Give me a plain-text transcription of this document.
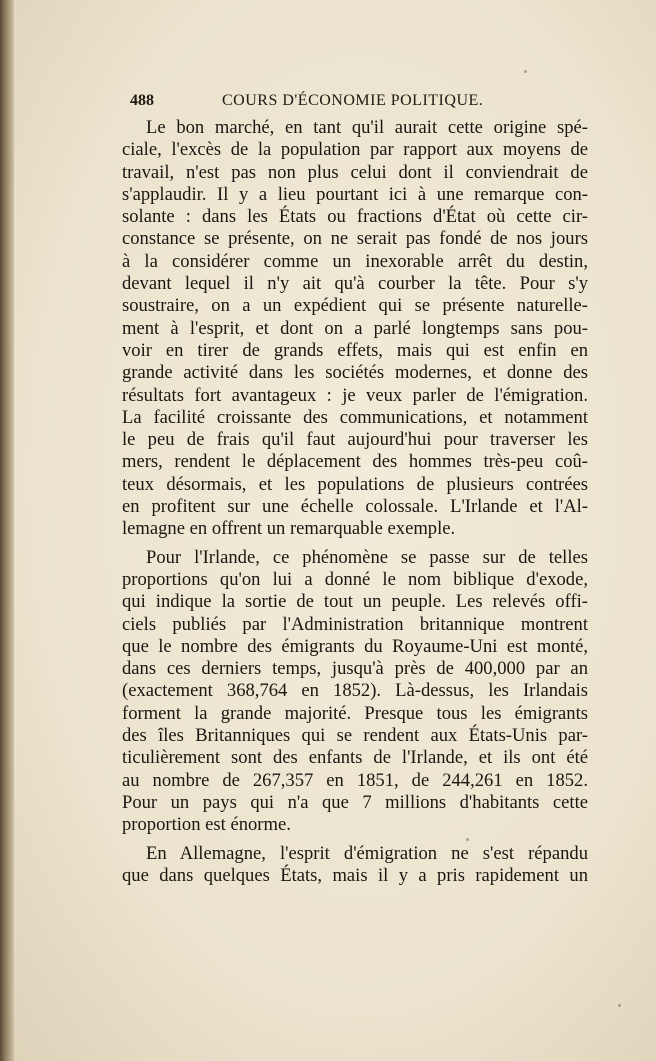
488	COURS D'ÉCONOMIE POLITIQUE.
Le bon marché, en tant qu'il aurait cette origine spé-
ciale, l'excès de la population par rapport aux moyens de
travail, n'est pas non plus celui dont il conviendrait de
s'applaudir. Il y a lieu pourtant ici à une remarque con-
solante : dans les États ou fractions d'État où cette cir-
constance se présente, on ne serait pas fondé de nos jours
à la considérer comme un inexorable arrêt du destin,
devant lequel il n'y ait qu'à courber la tête. Pour s'y
soustraire, on a un expédient qui se présente naturelle-
ment à l'esprit, et dont on a parlé longtemps sans pou-
voir en tirer de grands effets, mais qui est enfin en
grande activité dans les sociétés modernes, et donne des
résultats fort avantageux : je veux parler de l'émigration.
La facilité croissante des communications, et notamment
le peu de frais qu'il faut aujourd'hui pour traverser les
mers, rendent le déplacement des hommes très-peu coû-
teux désormais, et les populations de plusieurs contrées
en profitent sur une échelle colossale. L'Irlande et l'Al-
lemagne en offrent un remarquable exemple.
Pour l'Irlande, ce phénomène se passe sur de telles
proportions qu'on lui a donné le nom biblique d'exode,
qui indique la sortie de tout un peuple. Les relevés offi-
ciels publiés par l'Administration britannique montrent
que le nombre des émigrants du Royaume-Uni est monté,
dans ces derniers temps, jusqu'à près de 400,000 par an
(exactement 368,764 en 1852). Là-dessus, les Irlandais
forment la grande majorité. Presque tous les émigrants
des îles Britanniques qui se rendent aux États-Unis par-
ticulièrement sont des enfants de l'Irlande, et ils ont été
au nombre de 267,357 en 1851, de 244,261 en 1852.
Pour un pays qui n'a que 7 millions d'habitants cette
proportion est énorme.
En Allemagne, l'esprit d'émigration ne s'est répandu
que dans quelques États, mais il y a pris rapidement un
